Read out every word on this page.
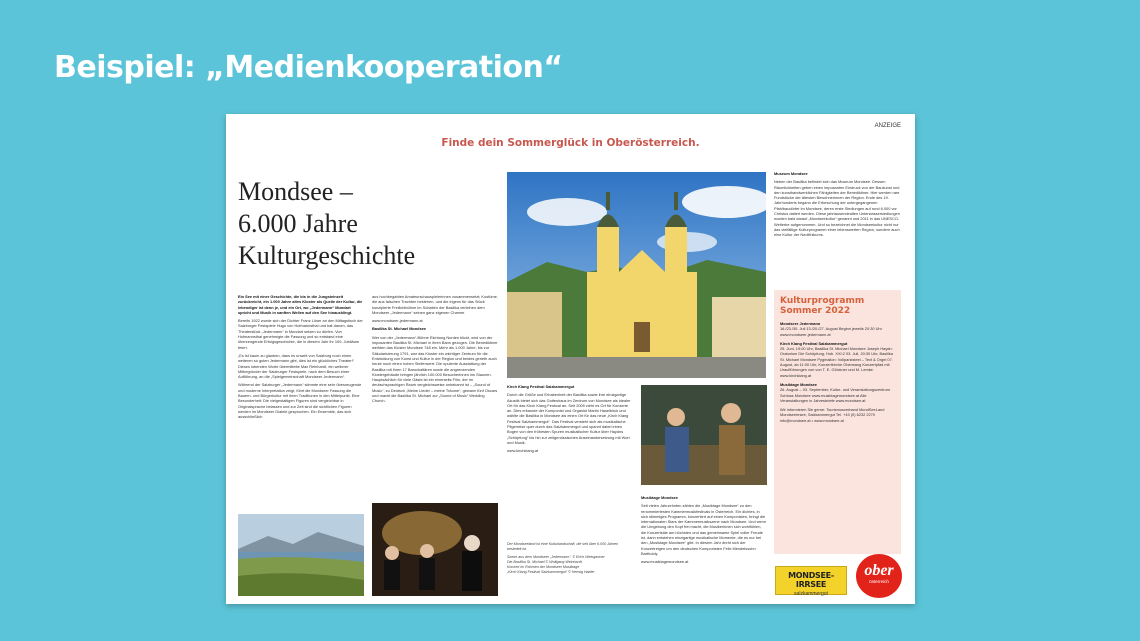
Beispiel: „Medienkooperation“
ANZEIGE
Finde dein Sommerglück in Oberösterreich.
Mondsee –
6.000 Jahre
Kulturgeschichte

Ein See mit einer Geschichte, die bis in die Jungsteinzeit zurückreicht, ein 1.000 Jahre altes Kloster als Quelle der Kultur, die lebendiger ist denn je, und ein Ort, wo „Jedermann“ Mundart spricht und Musik in sanften Wellen auf den See hinausklingt.

Bereits 1922 wurde sich der Dichter Franz Löser an den Mittagstisch der Salzburger Festspiele Hugo von Hofmannsthal und bat darum, das Theaterstück „Jedermann“ in Mundart setzen zu dürfen. Von Hofmannsthal genehmigte die Fassung und so entstand eine überzeugende Erfolgsgeschichte, die in diesem Jahr ihr 100. Jubiläum feiert.

„Es ist kaum zu glauben, dass es unweit von Salzburg noch einen weiteren so guten Jedermann gibt, dies ist ein glückliches Theater!“ Dieses lobenden Worte übermittelte Max Reinhardt, ein weiterer Mitbegründer der Salzburger Festspiele, nach dem Besuch einer Aufführung, an die „Spielgemeinschaft Mondseer Jedermann“.

Während der Salzburger „Jedermann“ stimmte eine sehr überzeugende und moderne Interpretation zeigt, führt die Mondseer Fassung die Bauern- und Bürgerkultur mit ihren Traditionen in den Mittelpunkt. Eine Besonderheit: Die vielgestaltigen Figuren sind vergleichbar in Originalsprache belassen und zur Zeit sind die sichtlichen Figuren werden im Mondseer Dialekt gesprochen. Ein Ensemble, das sich ausschließlich

aus hochbegabten Amateurschauspielerinnen zusammensetzt; Kostüme, die aus falschen Trachten bestehen, und die eigens für das Stück konzipierte Freilichtbühne im Schatten der Basilika verleihen dem Mondseer „Jedermann“ seinen ganz eigenen Charme.

www.mondseer-jedermann.at

Basilika St. Michael Mondsee

Wer von der „Jedermann“-Bühne Richtung Norden blickt, wird von der imposanten Basilika St. Michael in ihren Bann gezogen. Die Benediktiner weihten das Kloster Mondsee 748 ein. Mehr als 1.000 Jahre, bis zur Säkularisierung 1791, war das Kloster ein wichtiger Zentrum für die Entwicklung von Kunst und Kultur in der Region und beides gerieth auch heute noch einen hohen Stellenwert. Die opulente Ausstattung der Basilika mit ihren 17 Barockaltären sowie die angrenzenden Klostergebäude bringen jährlich 100.000 Besucherinnen ins Staunen. Hauptsächlich für viele Gäste ist ein einerseits Film, der im deutschsprachigen Raum vergleichsweise unbekannt ist – „Sound of Music“, zu Deutsch „Meine Lieder – meine Träume“, gewann fünf Oscars und macht die Basilika St. Michael zur „Sound of Music“ Wedding Church.

Kirch Klang Festival Salzkammergut

Durch die Größe und Erhabenheit der Basilika sowie ihre einzigartige Akustik bietet sich das Gotteshaus im Zentrum von Mondsee als idealer Ort für das Kirch Klang Festival an. Seit 2009 zieht es Ort für Konzerte an. Dies erkannte der Komponist und Organist Martin Haselböck und wählte die Basilika in Mondsee als einen Ort für das neue „Kirch Klang Festival Salzkammergut“. Das Festival versteht sich als musikalische Pilgerreise quer durch das Salzkammergut und spannt dabei einen Bogen von den frühesten Spuren musikalischer Kultur über Haydns „Schöpfung“ bis hin zur zeitgenössischen Auseinandersetzung mit Wort und Musik.

www.kirchklang.at

Musiktage Mondsee

Seit vielen Jahrzehnten zählen die „Musiktage Mondsee“ zu den renommiertesten Kammermusikfestivals in Österreich. Ein dichtes, in sich stimmiges Programm, konzertiert auf einen Komponisten, bringt die internationalen Stars der Kammermusikszene nach Mondsee. Und wenn die Umgebung den Kopf frei macht, die Musikerinnen sich wohlfühlen, die Konzertsäle am höchsten und das gemeinsame Spiel voller Freude ist, dann entstehen einzigartige musikalische Momente, die es nur bei den „Musiktage Mondsee“ gibt. In diesem Jahr dreht sich der Konzertreigen um den deutschen Komponisten Felix Mendelssohn Bartholdy.

www.musiktagemondsee.at

Der Mondseeland ist eine Kulturlandschaft, die seit über 6.000 Jahren besiedelt ist.
Szene aus dem Mondseer „Jedermann“. © Erich Weingartner
Die Basilika St. Michael © Wolfgang Weinhardt
Konzert im Rahmen der Mondseer Musiktage
„Kirch Klang Festival Salzkammergut“ © Herwig Haider

Museum Mondsee

Neben der Basilika befindet sich das Museum Mondsee. Dessen Räumlichkeiten geben einen imposanten Eindruck von der Baukunst und den kunsthandwerklichen Fähigkeiten der Benediktiner. Hier werden rare Fundstücke der ältesten Bewohnerinnen der Region. Ende des 19. Jahrhunderts begann die Erforschung der untergegangenen Pfahlbaudörfer im Mondsee, deren erste Siedlungen auf rund 6.000 vor Christus datiert werden. Diese jahrtausendealten Unterwassersiedlungen wurden bald darauf „Mondseekultur“ genannt und 2011 in das UNESCO-Welterbe aufgenommen. Und so bezeichnet die Mondseekultur nicht nur das vielfältige Kulturprogramm einer lebenswerten Region, sondern auch eine Kultur der Neolithikums.

Kulturprogramm
Sommer 2022
Mondseer Jedermann
16./23./30. Juli 13./20./27. August Beginn jeweils 20:30 Uhr www.mondseer-jedermann.at
Kirch Klang Festival Salzkammergut
25. Juni, 19:00 Uhr, Basilika St. Michael Mondsee Joseph Haydn: Oratorium Die Schöpfung, Hob. XXI:2 03. Juli, 20:30 Uhr, Basilika St. Michael Mondsee Pygmalion: Vollpanksteel – Text & Orgel 07. August, ab 11:00 Uhr, Konzertkirche Oberwang Konzertpfad mit Uraufführungen von von T. E. Glöckner und M. Lemke. www.kirchklang.at
Musiktage Mondsee
26. August – 03. September, Kultur- und Veranstaltungszentrum Schloss Mondsee www.musiktagemondsee.at Alle Veranstaltungen in Jahresbriefe www.mondsee.at
Wir informieren Sie gerne: Tourismusverband MondSeeLand Mondseeirrsee, Salzkammergut Tel. +43 (0) 6232 2270 info@mondsee.at • www.mondsee.at
MONDSEE-IRRSEE
salzkammergut
ober
österreich
